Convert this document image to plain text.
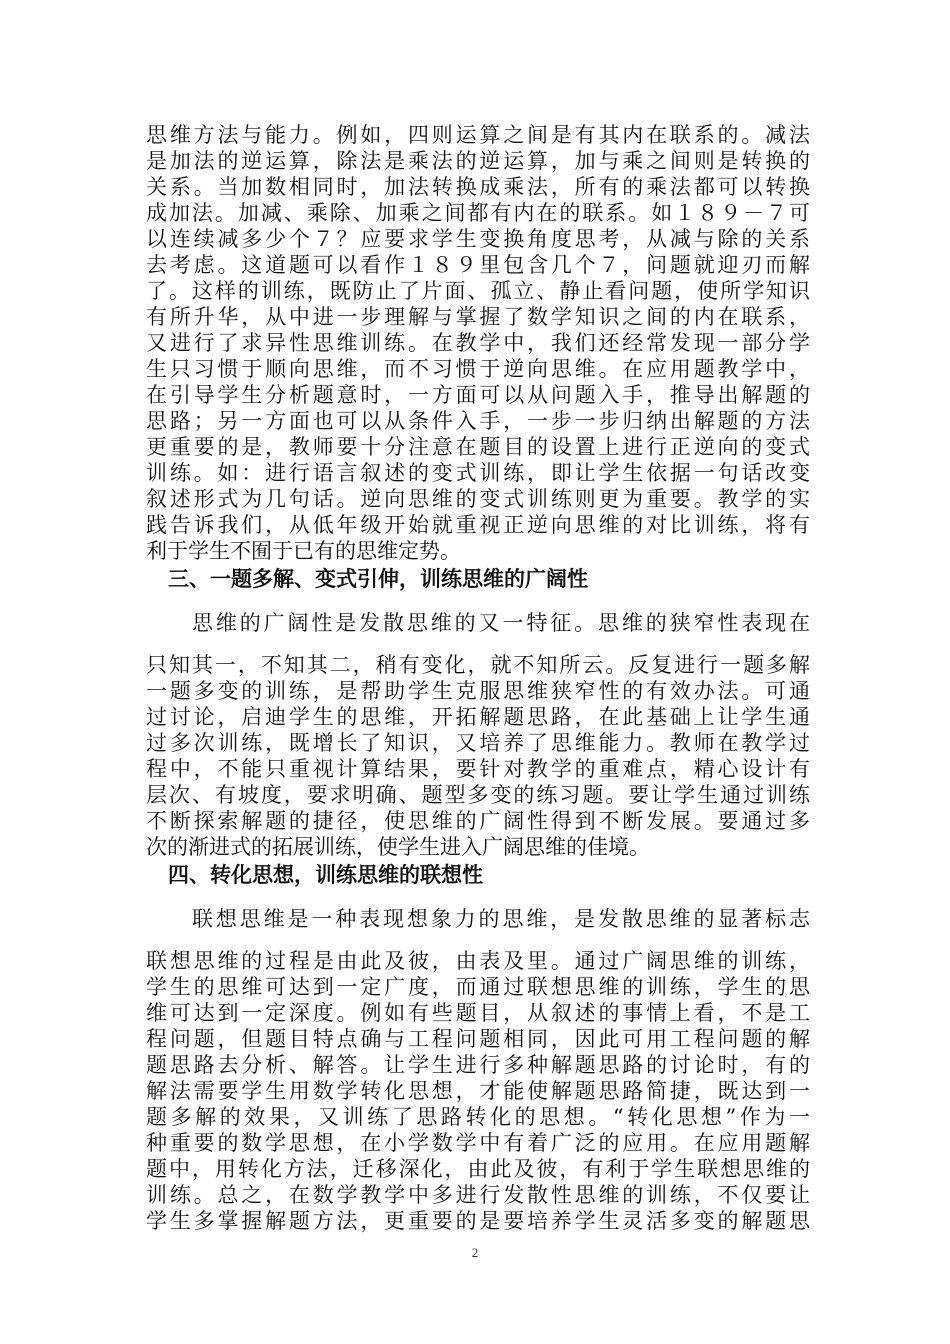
思维方法与能力。例如，四则运算之间是有其内在联系的。减法
是加法的逆运算，除法是乘法的逆运算，加与乘之间则是转换的
关系。当加数相同时，加法转换成乘法，所有的乘法都可以转换
成加法。加减、乘除、加乘之间都有内在的联系。如１８９－７可
以连续减多少个７？应要求学生变换角度思考，从减与除的关系
去考虑。这道题可以看作１８９里包含几个７，问题就迎刃而解
了。这样的训练，既防止了片面、孤立、静止看问题，使所学知识
有所升华，从中进一步理解与掌握了数学知识之间的内在联系，
又进行了求异性思维训练。在教学中，我们还经常发现一部分学
生只习惯于顺向思维，而不习惯于逆向思维。在应用题教学中，
在引导学生分析题意时，一方面可以从问题入手，推导出解题的
思路；另一方面也可以从条件入手，一步一步归纳出解题的方法
更重要的是，教师要十分注意在题目的设置上进行正逆向的变式
训练。如：进行语言叙述的变式训练，即让学生依据一句话改变
叙述形式为几句话。逆向思维的变式训练则更为重要。教学的实
践告诉我们，从低年级开始就重视正逆向思维的对比训练，将有
利于学生不囿于已有的思维定势。
三、一题多解、变式引伸，训练思维的广阔性
思维的广阔性是发散思维的又一特征。思维的狭窄性表现在
只知其一，不知其二，稍有变化，就不知所云。反复进行一题多解
一题多变的训练，是帮助学生克服思维狭窄性的有效办法。可通
过讨论，启迪学生的思维，开拓解题思路，在此基础上让学生通
过多次训练，既增长了知识，又培养了思维能力。教师在教学过
程中，不能只重视计算结果，要针对教学的重难点，精心设计有
层次、有坡度，要求明确、题型多变的练习题。要让学生通过训练
不断探索解题的捷径，使思维的广阔性得到不断发展。要通过多
次的渐进式的拓展训练，使学生进入广阔思维的佳境。
四、转化思想，训练思维的联想性
联想思维是一种表现想象力的思维，是发散思维的显著标志
联想思维的过程是由此及彼，由表及里。通过广阔思维的训练，
学生的思维可达到一定广度，而通过联想思维的训练，学生的思
维可达到一定深度。例如有些题目，从叙述的事情上看，不是工
程问题，但题目特点确与工程问题相同，因此可用工程问题的解
题思路去分析、解答。让学生进行多种解题思路的讨论时，有的
解法需要学生用数学转化思想，才能使解题思路简捷，既达到一
题多解的效果，又训练了思路转化的思想。“转化思想”作为一
种重要的数学思想，在小学数学中有着广泛的应用。在应用题解
题中，用转化方法，迁移深化，由此及彼，有利于学生联想思维的
训练。总之，在数学教学中多进行发散性思维的训练，不仅要让
学生多掌握解题方法，更重要的是要培养学生灵活多变的解题思
2
